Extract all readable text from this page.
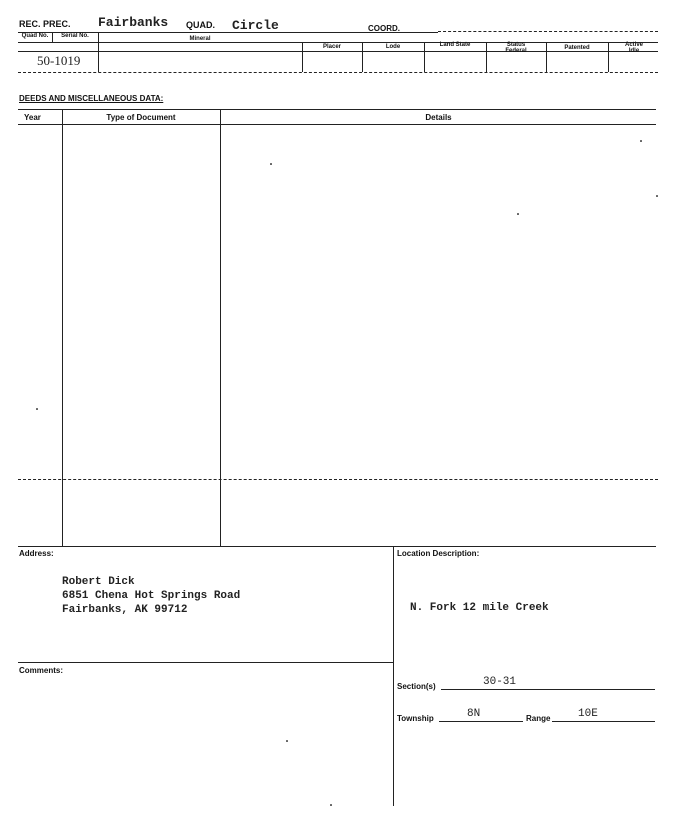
REC. PREC. Fairbanks QUAD. Circle	COORD.
Quad No.	Serial No.	Mineral
Placer	Lode	Land State	Status Federal	Patented	Active Idle
50-1019
DEEDS AND MISCELLANEOUS DATA:
Year	Type of Document	Details
Address:
Robert Dick
6851 Chena Hot Springs Road
Fairbanks, AK 99712
Location Description:
N. Fork 12 mile Creek
Comments:
Section(s)	30-31
Township	8N	Range	10E
